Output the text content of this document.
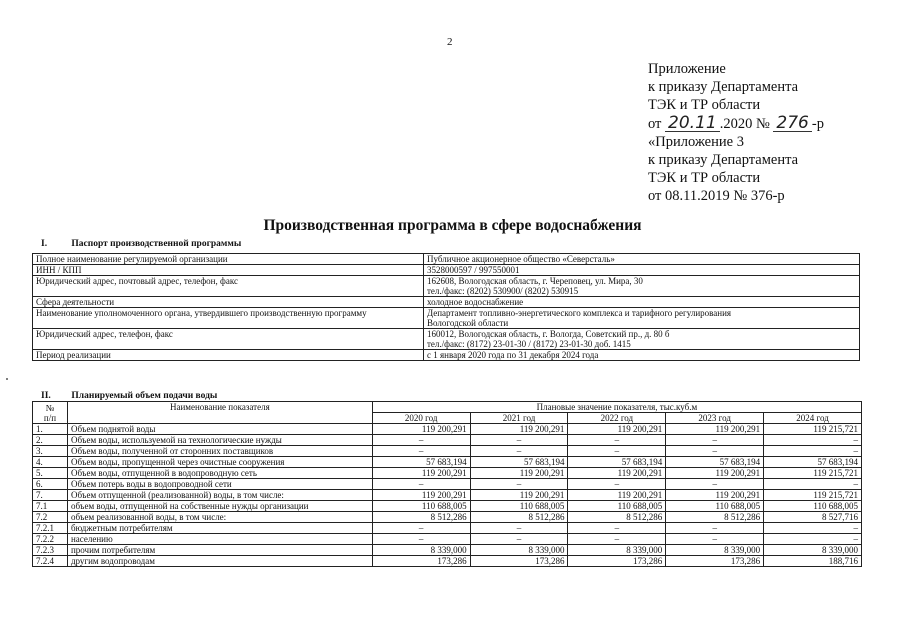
2
Приложение
к приказу Департамента
ТЭК и ТР области
от 20.11 .2020 № 276 -р
«Приложение 3
к приказу Департамента
ТЭК и ТР области
от 08.11.2019 № 376-р
Производственная программа в сфере водоснабжения
I.	Паспорт производственной программы
Полное наименование регулируемой организации	Публичное акционерное общество «Северсталь»

ИНН / КПП	3528000597 / 997550001

Юридический адрес, почтовый адрес, телефон, факс	162608, Вологодская область, г. Череповец, ул. Мира, 30
тел./факс: (8202) 530900/ (8202) 530915

Сфера деятельности	холодное водоснабжение

Наименование уполномоченного органа, утвердившего производственную программу	Департамент топливно-энергетического комплекса и тарифного регулирования
Вологодской области

Юридический адрес, телефон, факс	160012, Вологодская область, г. Вологда, Советский пр., д. 80 б
тел./факс: (8172) 23-01-30 / (8172) 23-01-30 доб. 1415

Период реализации	с 1 января 2020 года по 31 декабря 2024 года
II. Планируемый объем подачи воды
№
п/п	Наименование показателя	Плановые значение показателя, тыс.куб.м				
		2020 год	2021 год	2022 год	2023 год	2024 год
1.	Объем поднятой воды	119 200,291	119 200,291	119 200,291	119 200,291	119 215,721
2.	Объем воды, используемой на технологические нужды	–	–	–	–	–
3.	Объем воды, полученной от сторонних поставщиков	–	–	–	–	–
4.	Объем воды, пропущенной через очистные сооружения	57 683,194	57 683,194	57 683,194	57 683,194	57 683,194
5.	Объем воды, отпущенной в водопроводную сеть	119 200,291	119 200,291	119 200,291	119 200,291	119 215,721
6.	Объем потерь воды в водопроводной сети	–	–	–	–	–
7.	Объем отпущенной (реализованной) воды, в том числе:	119 200,291	119 200,291	119 200,291	119 200,291	119 215,721
7.1	объем воды, отпущенной на собственные нужды организации	110 688,005	110 688,005	110 688,005	110 688,005	110 688,005
7.2	объем реализованной воды, в том числе:	8 512,286	8 512,286	8 512,286	8 512,286	8 527,716
7.2.1	бюджетным потребителям	–	–	–	–	–
7.2.2	населению	–	–	–	–	–
7.2.3	прочим потребителям	8 339,000	8 339,000	8 339,000	8 339,000	8 339,000
7.2.4	другим водопроводам	173,286	173,286	173,286	173,286	188,716
